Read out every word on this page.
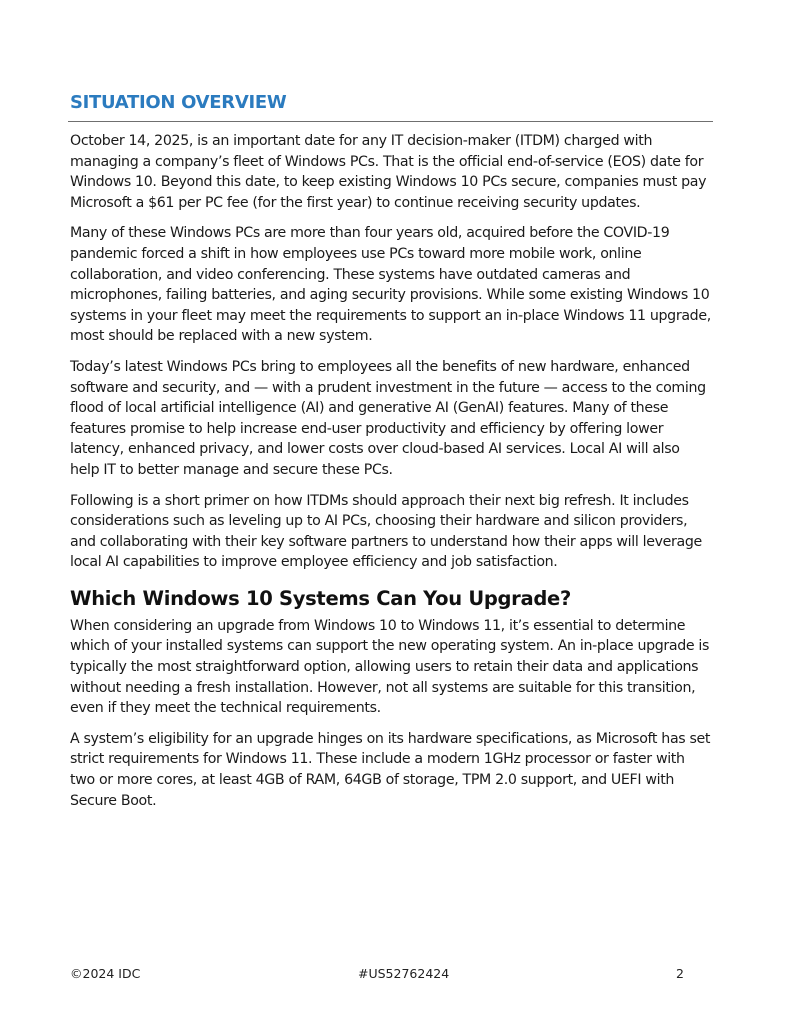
SITUATION OVERVIEW

October 14, 2025, is an important date for any IT decision-maker (ITDM) charged with managing a company’s fleet of Windows PCs. That is the official end-of-service (EOS) date for Windows 10. Beyond this date, to keep existing Windows 10 PCs secure, companies must pay Microsoft a $61 per PC fee (for the first year) to continue receiving security updates.

Many of these Windows PCs are more than four years old, acquired before the COVID-19 pandemic forced a shift in how employees use PCs toward more mobile work, online collaboration, and video conferencing. These systems have outdated cameras and microphones, failing batteries, and aging security provisions. While some existing Windows 10 systems in your fleet may meet the requirements to support an in-place Windows 11 upgrade, most should be replaced with a new system.

Today’s latest Windows PCs bring to employees all the benefits of new hardware, enhanced software and security, and — with a prudent investment in the future — access to the coming flood of local artificial intelligence (AI) and generative AI (GenAI) features. Many of these features promise to help increase end-user productivity and efficiency by offering lower latency, enhanced privacy, and lower costs over cloud-based AI services. Local AI will also help IT to better manage and secure these PCs.

Following is a short primer on how ITDMs should approach their next big refresh. It includes considerations such as leveling up to AI PCs, choosing their hardware and silicon providers, and collaborating with their key software partners to understand how their apps will leverage local AI capabilities to improve employee efficiency and job satisfaction.

Which Windows 10 Systems Can You Upgrade?

When considering an upgrade from Windows 10 to Windows 11, it’s essential to determine which of your installed systems can support the new operating system. An in-place upgrade is typically the most straightforward option, allowing users to retain their data and applications without needing a fresh installation. However, not all systems are suitable for this transition, even if they meet the technical requirements.

A system’s eligibility for an upgrade hinges on its hardware specifications, as Microsoft has set strict requirements for Windows 11. These include a modern 1GHz processor or faster with two or more cores, at least 4GB of RAM, 64GB of storage, TPM 2.0 support, and UEFI with Secure Boot.

©2024 IDC	#US52762424	2
